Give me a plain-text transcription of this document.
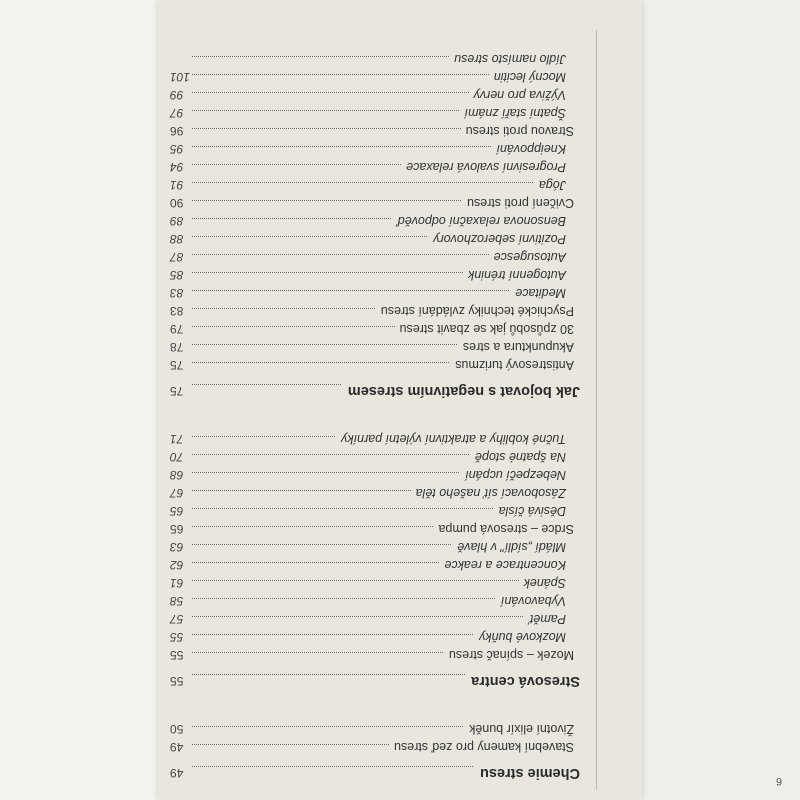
Chemie stresu
49
Stavební kameny pro zeď stresu
49
Životní elixír buněk
50
Stresová centra
55
Mozek – spínač stresu
55
Mozkové buňky
55
Paměť
57
Vybavování
58
Spánek
61
Koncentrace a reakce
62
Mládí „sídlí" v hlavě
63
Srdce – stresová pumpa
65
Děsivá čísla
65
Zásobovací síť našeho těla
67
Nebezpečí ucpání
68
Na špatné stopě
70
Tučné koblihy a atraktivní výletní parníky
71
Jak bojovat s negativním stresem
75
Antistresový turizmus
75
Akupunktura a stres
78
30 způsobů jak se zbavit stresu
79
Psychické techniky zvládání stresu
83
Meditace
83
Autogenní trénink
85
Autosugesce
87
Pozitivní seberozhovory
88
Bensonova relaxační odpověď
89
Cvičení proti stresu
90
Jóga
91
Progresivní svalová relaxace
94
Kneippování
95
Stravou proti stresu
96
Špatní staří známí
97
Výživa pro nervy
99
Mocný lecitin
101
Jídlo namísto stresu
6
